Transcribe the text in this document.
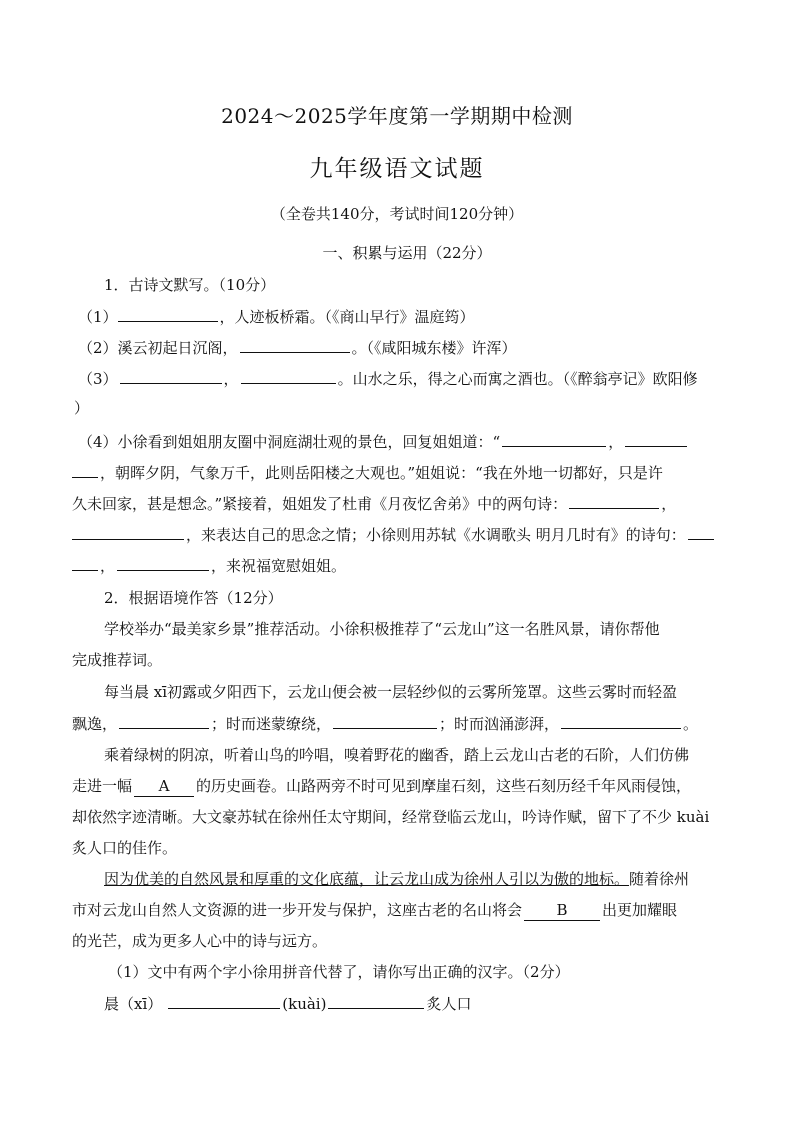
2024～2025学年度第一学期期中检测
九年级语文试题
（全卷共140分，考试时间120分钟）
一、积累与运用（22分）
1．古诗文默写。（10分）
（1）	，人迹板桥霜。（《商山早行》温庭筠）
（2）溪云初起日沉阁，	。（《咸阳城东楼》许浑）
（3）	，	。山水之乐，得之心而寓之酒也。（《醉翁亭记》欧阳修
）
（4）小徐看到姐姐朋友圈中洞庭湖壮观的景色，回复姐姐道：“	，
，朝晖夕阴，气象万千，此则岳阳楼之大观也。”姐姐说：“我在外地一切都好，只是许
久未回家，甚是想念。”紧接着，姐姐发了杜甫《月夜忆舍弟》中的两句诗：	，
，来表达自己的思念之情；小徐则用苏轼《水调歌头 明月几时有》的诗句：
，	，来祝福宽慰姐姐。
2．根据语境作答（12分）
学校举办“最美家乡景”推荐活动。小徐积极推荐了“云龙山”这一名胜风景，请你帮他
完成推荐词。
每当晨 xī初露或夕阳西下，云龙山便会被一层轻纱似的云雾所笼罩。这些云雾时而轻盈
飘逸，	；时而迷蒙缭绕，	；时而汹涌澎湃，	。
乘着绿树的阴凉，听着山鸟的吟唱，嗅着野花的幽香，踏上云龙山古老的石阶，人们仿佛
走进一幅 A 的历史画卷。山路两旁不时可见到摩崖石刻，这些石刻历经千年风雨侵蚀，
却依然字迹清晰。大文豪苏轼在徐州任太守期间，经常登临云龙山，吟诗作赋，留下了不少 kuài
炙人口的佳作。
因为优美的自然风景和厚重的文化底蕴，让云龙山成为徐州人引以为傲的地标。随着徐州
市对云龙山自然人文资源的进一步开发与保护，这座古老的名山将会 B 出更加耀眼
的光芒，成为更多人心中的诗与远方。
（1）文中有两个字小徐用拼音代替了，请你写出正确的汉字。（2分）
晨（xī）	(kuài)	炙人口
